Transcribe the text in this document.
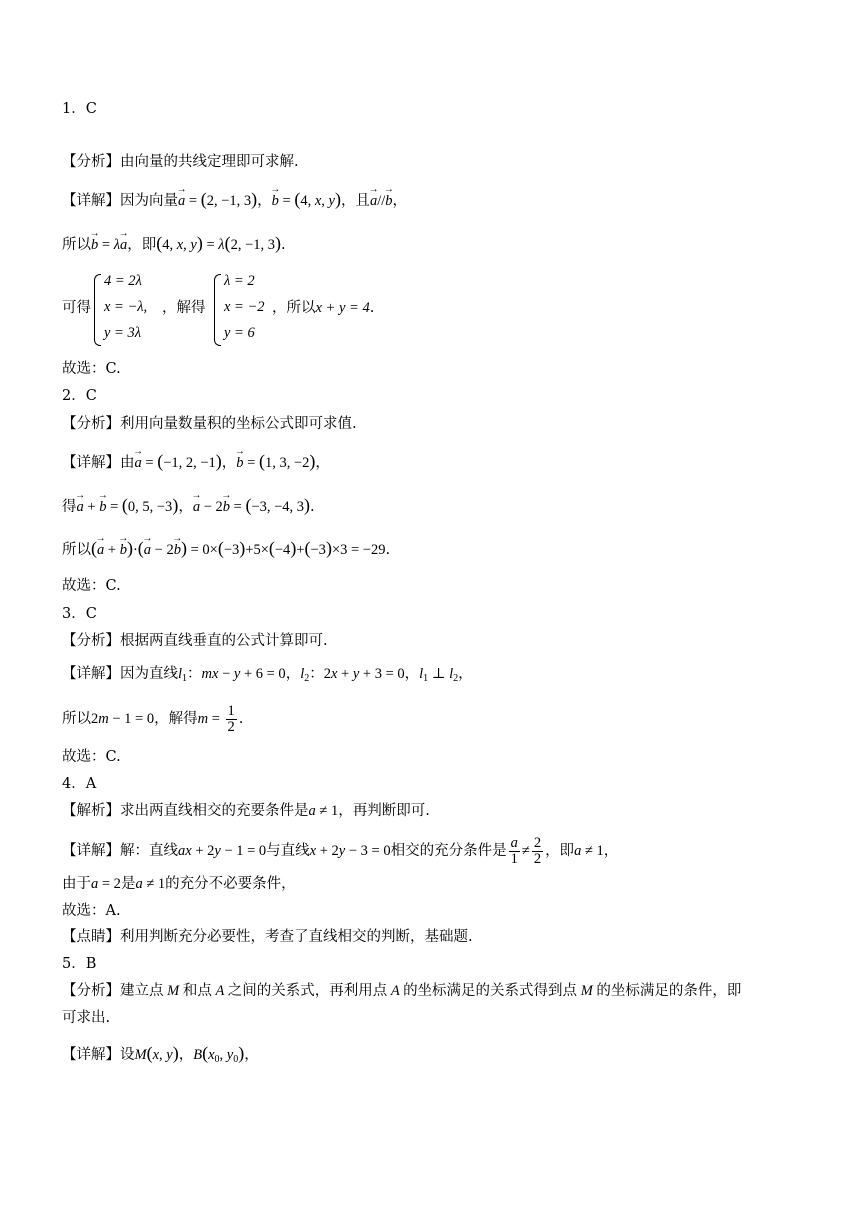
1．C
【分析】由向量的共线定理即可求解.
【详解】因为向量→ a = (2, −1, 3)，→ b = (4, x, y)，且→ a//→ b，
所以→ b = λ→ a，即(4, x, y) = λ(2, −1, 3).
可得
4 = 2λ
x = −λ,
y = 3λ
，解得
λ = 2
x = −2
y = 6
，所以x + y = 4.
故选：C.
2．C
【分析】利用向量数量积的坐标公式即可求值.
【详解】由→ a = (−1, 2, −1)，→ b = (1, 3, −2)，
得→ a + → b = (0, 5, −3)，→ a − 2→ b = (−3, −4, 3).
所以(→ a + → b)·(→ a − 2→ b) = 0×(−3)+5×(−4)+(−3)×3 = −29.
故选：C.
3．C
【分析】根据两直线垂直的公式计算即可.
【详解】因为直线$l_1$：mx − y + 6 = 0，$l_2$：2x + y + 3 = 0，$l_1$ ⊥ $l_2$，
所以2m − 1 = 0，解得$m = \frac{1}{2}$ .
故选：C.
4．A
【解析】求出两直线相交的充要条件是a ≠ 1，再判断即可.
【详解】解：直线ax + 2y − 1 = 0与直线x + 2y − 3 = 0相交的充分条件是 $\frac{a}{1} \ne \frac{2}{2}$ ，即a ≠ 1，
由于a = 2是a ≠ 1的充分不必要条件，
故选：A.
【点睛】利用判断充分必要性，考查了直线相交的判断，基础题.
5．B
【分析】建立点 M 和点 A 之间的关系式，再利用点 A 的坐标满足的关系式得到点 M 的坐标满足的条件，即
可求出.
【详解】设M(x, y)，$B(x_0$, $y_0$)，
